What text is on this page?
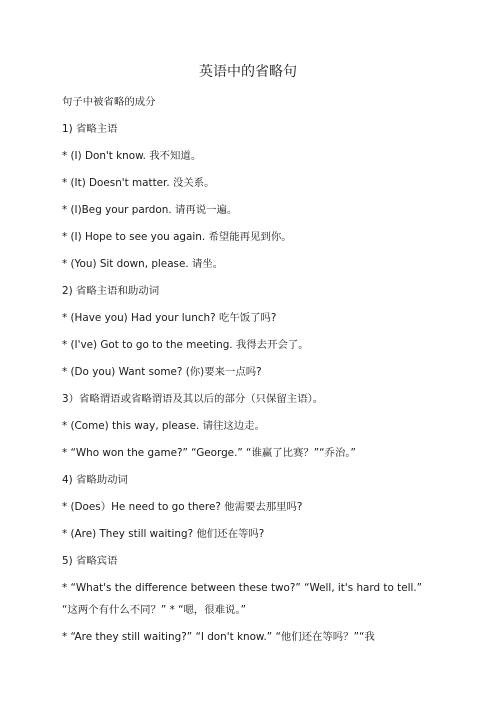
英语中的省略句
句子中被省略的成分
1) 省略主语
* (I) Don't know. 我不知道。
* (It) Doesn't matter. 没关系。
* (I)Beg your pardon. 请再说一遍。
* (I) Hope to see you again. 希望能再见到你。
* (You) Sit down, please. 请坐。
2) 省略主语和助动词
* (Have you) Had your lunch? 吃午饭了吗?
* (I've) Got to go to the meeting. 我得去开会了。
* (Do you) Want some? (你)要来一点吗?
3）省略谓语或省略谓语及其以后的部分（只保留主语）。
* (Come) this way, please. 请往这边走。
* “Who won the game?” “George.” “谁赢了比赛？”“乔治。”
4) 省略助动词
* (Does）He need to go there? 他需要去那里吗?
* (Are) They still waiting? 他们还在等吗?
5) 省略宾语
* “What's the difference between these two?” “Well, it's hard to tell.”
“这两个有什么不同？” * “嗯，很难说。”
* “Are they still waiting?” “I don't know.” “他们还在等吗？”“我
